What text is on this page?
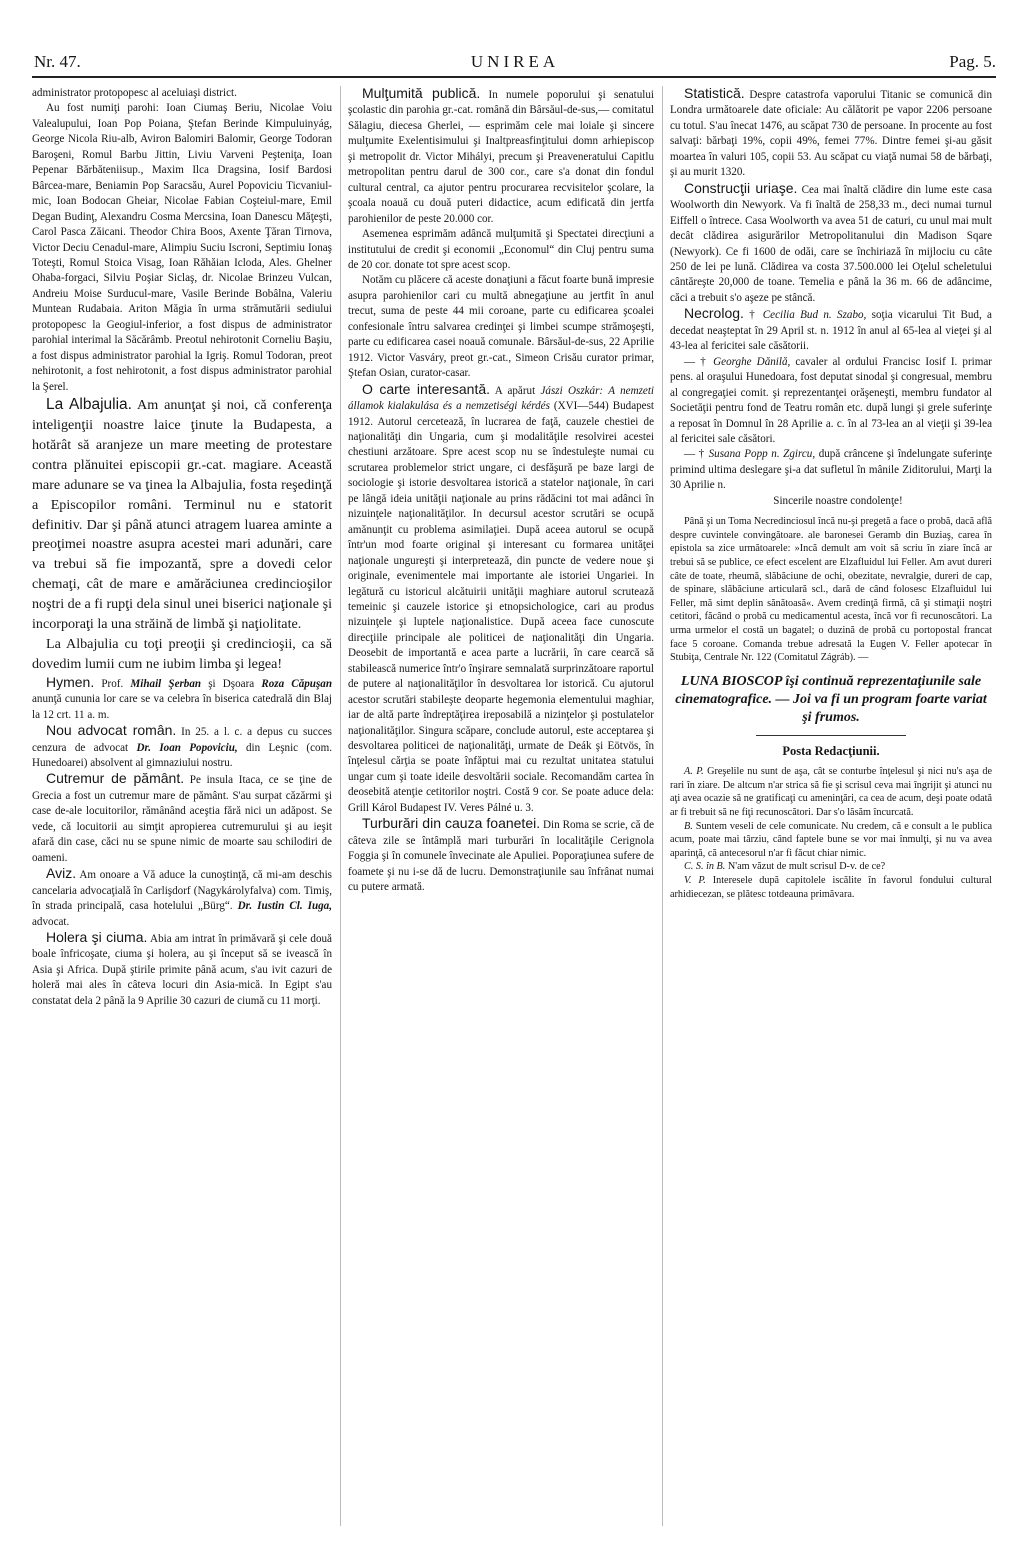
Nr. 47.	UNIREA	Pag. 5.

administrator protopopesc al aceluiaşi district.

Au fost numiţi parohi: Ioan Ciumaş Beriu, Nicolae Voiu Valealupului, Ioan Pop Poiana, Ştefan Berinde Kimpuluinyág, George Nicola Riu-alb, Aviron Balomiri Balomir, George Todoran Baroşeni, Romul Barbu Jittin, Liviu Varveni Peşteniţa, Ioan Pepenar Bărbăteniisup., Maxim Ilca Dragsina, Iosif Bardosi Bârcea-mare, Beniamin Pop Saracsău, Aurel Popoviciu Ticvaniul-mic, Ioan Bodocan Gheiar, Nicolae Fabian Coşteiul-mare, Emil Degan Budinţ, Alexandru Cosma Mercsina, Ioan Danescu Măţeşti, Carol Pasca Zăicani. Theodor Chira Boos, Axente Ţăran Tirnova, Victor Deciu Cenadul-mare, Alimpiu Suciu Iscroni, Septimiu Ionaş Toteşti, Romul Stoica Visag, Ioan Răhăian Icloda, Ales. Ghelner Ohaba-forgaci, Silviu Poşiar Siclaş, dr. Nicolae Brinzeu Vulcan, Andreiu Moise Surducul-mare, Vasile Berinde Bobâlna, Valeriu Muntean Rudabaia. Ariton Măgia în urma strămutării sediului protopopesc la Geogiul-inferior, a fost dispus de administrator parohial interimal la Săcărâmb. Preotul nehirotonit Corneliu Başiu, a fost dispus administrator parohial la Igriş. Romul Todoran, preot nehirotonit, a fost nehirotonit, a fost dispus administrator parohial la Şerel.

La Albajulia. Am anunţat şi noi, că conferenţa inteligenţii noastre laice ţinute la Budapesta, a hotărât să aranjeze un mare meeting de protestare contra plănuitei episcopii gr.-cat. magiare. Această mare adunare se va ţinea la Albajulia, fosta reşedinţă a Episcopilor români. Terminul nu e statorit definitiv. Dar şi până atunci atragem luarea aminte a preoţimei noastre asupra acestei mari adunări, care va trebui să fie impozantă, spre a dovedi celor chemaţi, cât de mare e amărăciunea credincioşilor noştri de a fi rupţi dela sinul unei biserici naţionale şi incorporaţi la una străină de limbă şi naţiolitate.

La Albajulia cu toţi preoţii şi credincioşii, ca să dovedim lumii cum ne iubim limba şi legea!

Hymen. Prof. Mihail Şerban şi Dşoara Roza Căpuşan anunţă cununia lor care se va celebra în biserica catedrală din Blaj la 12 crt. 11 a. m.

Nou advocat român. In 25. a l. c. a depus cu succes cenzura de advocat Dr. Ioan Popoviciu, din Leşnic (com. Hunedoarei) absolvent al gimnaziului nostru.

Cutremur de pământ. Pe insula Itaca, ce se ţine de Grecia a fost un cutremur mare de pământ. S'au surpat căzărmi şi case de-ale locuitorilor, rămânând aceştia fără nici un adăpost. Se vede, că locuitorii au simţit apropierea cutremurului şi au ieşit afară din case, căci nu se spune nimic de moarte sau schilodiri de oameni.

Aviz. Am onoare a Vă aduce la cunoştinţă, că mi-am deschis cancelaria advocaţială în Carlişdorf (Nagykárolyfalva) com. Timiş, în strada principală, casa hotelului „Bürg“. Dr. Iustin Cl. Iuga, advocat.

Holera şi ciuma. Abia am intrat în primăvară şi cele două boale înfricoşate, ciuma şi holera, au şi început să se ivească în Asia şi Africa. După ştirile primite până acum, s'au ivit cazuri de holeră mai ales în câteva locuri din Asia-mică. In Egipt s'au constatat dela 2 până la 9 Aprilie 30 cazuri de ciumă cu 11 morţi.

Mulţumită publică. In numele poporului şi senatului şcolastic din parohia gr.-cat. română din Bârsăul-de-sus,— comitatul Sălagiu, diecesa Gherlei, — esprimăm cele mai loiale şi sincere mulţumite Exelentisimului şi Inaltpreasfinţitului domn arhiepiscop şi metropolit dr. Victor Mihályi, precum şi Preaveneratului Capitlu metropolitan pentru darul de 300 cor., care s'a donat din fondul cultural central, ca ajutor pentru procurarea recvisitelor şcolare, la şcoala noauă cu două puteri didactice, acum edificată din jertfa parohienilor de peste 20.000 cor.

Asemenea esprimăm adâncă mulţumită şi Spectatei direcţiuni a institutului de credit şi economii „Economul“ din Cluj pentru suma de 20 cor. donate tot spre acest scop.

Notăm cu plăcere că aceste donaţiuni a făcut foarte bună impresie asupra parohienilor cari cu multă abnegaţiune au jertfit în anul trecut, suma de peste 44 mii coroane, parte cu edificarea şcoalei confesionale întru salvarea credinţei şi limbei scumpe strămoşeşti, parte cu edificarea casei noauă comunale. Bârsăul-de-sus, 22 Aprilie 1912. Victor Vasváry, preot gr.-cat., Simeon Crisău curator primar, Ştefan Osian, curator-casar.

O carte interesantă. A apărut Jászi Oszkár: A nemzeti államok kialakulása és a nemzetiségi kérdés (XVI—544) Budapest 1912. Autorul cercetează, în lucrarea de faţă, cauzele chestiei de naţionalităţi din Ungaria, cum şi modalităţile resolvirei acestei chestiuni arzătoare. Spre acest scop nu se îndestuleşte numai cu scrutarea problemelor strict ungare, ci desfăşură pe baze largi de sociologie şi istorie desvoltarea istorică a statelor naţionale, în cari pe lângă ideia unităţii naţionale au prins rădăcini tot mai adânci în nizuinţele naţionalităţilor. In decursul acestor scrutări se ocupă amănunţit cu problema asimilaţiei. După aceea autorul se ocupă într'un mod foarte original şi interesant cu formarea unităţei naţionale ungureşti şi interpretează, din puncte de vedere noue şi originale, evenimentele mai importante ale istoriei Ungariei. In legătură cu istoricul alcătuirii unităţii maghiare autorul scrutează temeinic şi cauzele istorice şi etnopsichologice, cari au produs nizuinţele şi luptele naţionalistice. După aceea face cunoscute direcţiile principale ale politicei de naţionalităţi din Ungaria. Deosebit de importantă e acea parte a lucrării, în care cearcă să stabilească numerice într'o înşirare semnalată surprinzătoare raportul de putere al naţionalităţilor în desvoltarea lor istorică. Cu ajutorul acestor scrutări stabileşte deoparte hegemonia elementului maghiar, iar de altă parte îndreptăţirea ireposabilă a nizinţelor şi postulatelor naţionalităţilor. Singura scăpare, conclude autorul, este acceptarea şi desvoltarea politicei de naţionalităţi, urmate de Deák şi Eötvös, în înţelesul cărţia se poate înfăptui mai cu rezultat unitatea statului ungar cum şi toate ideile desvoltării sociale. Recomandăm cartea în deosebită atenţie cetitorilor noştri. Costă 9 cor. Se poate aduce dela: Grill Károl Budapest IV. Veres Pálné u. 3.

Turburări din cauza foanetei. Din Roma se scrie, că de câteva zile se întâmplă mari turburări în localităţile Cerignola Foggia şi în comunele învecinate ale Apuliei. Poporaţiunea sufere de foamete şi nu i-se dă de lucru. Demonstraţiunile sau înfrânat numai cu putere armată.

Statistică. Despre catastrofa vaporului Titanic se comunică din Londra următoarele date oficiale: Au călătorit pe vapor 2206 persoane cu totul. S'au înecat 1476, au scăpat 730 de persoane. In procente au fost salvaţi: bărbaţi 19%, copii 49%, femei 77%. Dintre femei şi-au găsit moartea în valuri 105, copii 53. Au scăpat cu viaţă numai 58 de bărbaţi, şi au murit 1320.

Construcţii uriaşe. Cea mai înaltă clădire din lume este casa Woolworth din Newyork. Va fi înaltă de 258,33 m., deci numai turnul Eiffell o întrece. Casa Woolworth va avea 51 de caturi, cu unul mai mult decât clădirea asigurărilor Metropolitanului din Madison Sqare (Newyork). Ce fi 1600 de odăi, care se închiriază în mijlociu cu câte 250 de lei pe lună. Clădirea va costa 37.500.000 lei Oţelul scheletului cântăreşte 20,000 de toane. Temelia e până la 36 m. 66 de adâncime, căci a trebuit s'o aşeze pe stâncă.

Necrolog. † Cecilia Bud n. Szabo, soţia vicarului Tit Bud, a decedat neaşteptat în 29 April st. n. 1912 în anul al 65-lea al vieţei şi al 43-lea al fericitei sale căsătorii.

— † Georghe Dănilă, cavaler al ordului Francisc Iosif I. primar pens. al oraşului Hunedoara, fost deputat sinodal şi congresual, membru al congregaţiei comit. şi reprezentanţei orăşeneşti, membru fundator al Societăţii pentru fond de Teatru român etc. după lungi şi grele suferinţe a reposat în Domnul în 28 Aprilie a. c. în al 73-lea an al vieţii şi 39-lea al fericitei sale căsători.

— † Susana Popp n. Zgircu, după crâncene şi îndelungate suferinţe primind ultima deslegare şi-a dat sufletul în mânile Ziditorului, Marţi la 30 Aprilie n.

Sincerile noastre condolenţe!

Până şi un Toma Necredinciosul încă nu-şi pregetă a face o probă, dacă află despre cuvintele convingătoare. ale baronesei Geramb din Buziaş, carea în epistola sa zice următoarele: »Incă demult am voit să scriu în ziare încă ar trebui să se publice, ce efect escelent are Elzafluidul lui Feller. Am avut dureri câte de toate, rheumă, slăbăciune de ochi, obezitate, nevralgie, dureri de cap, de spinare, slăbăciune articulară scl., dară de când folosesc Elzafluidul lui Feller, mă simt deplin sănătoasă«. Avem credinţă firmă, că şi stimaţii noştri cetitori, făcând o probă cu medicamentul acesta, încă vor fi recunoscători. La urma urmelor el costă un bagatel; o duzină de probă cu portopostal francat face 5 coroane. Comanda trebue adresată la Eugen V. Feller apotecar în Stubiţa, Centrale Nr. 122 (Comitatul Zágráb). —

LUNA BIOSCOP îşi continuă reprezentaţiunile sale cinematografice. — Joi va fi un program foarte variat şi frumos.
Posta Redacţiunii.

A. P. Greşelile nu sunt de aşa, cât se conturbe înţelesul şi nici nu's aşa de rari în ziare. De altcum n'ar strica să fie şi scrisul ceva mai îngrijit şi atunci nu aţi avea ocazie să ne gratificaţi cu ameninţări, ca cea de acum, deşi poate odată ar fi trebuit să ne fiţi recunoscători. Dar s'o lăsăm încurcată.

B. Suntem veseli de cele comunicate. Nu credem, că e consult a le publica acum, poate mai târziu, când faptele bune se vor mai înmulţi, şi nu va avea aparinţă, că antecesorul n'ar fi făcut chiar nimic.

C. S. în B. N'am văzut de mult scrisul D-v. de ce?

V. P. Interesele după capitolele iscălite în favorul fondului cultural arhidiecezan, se plătesc totdeauna primăvara.
